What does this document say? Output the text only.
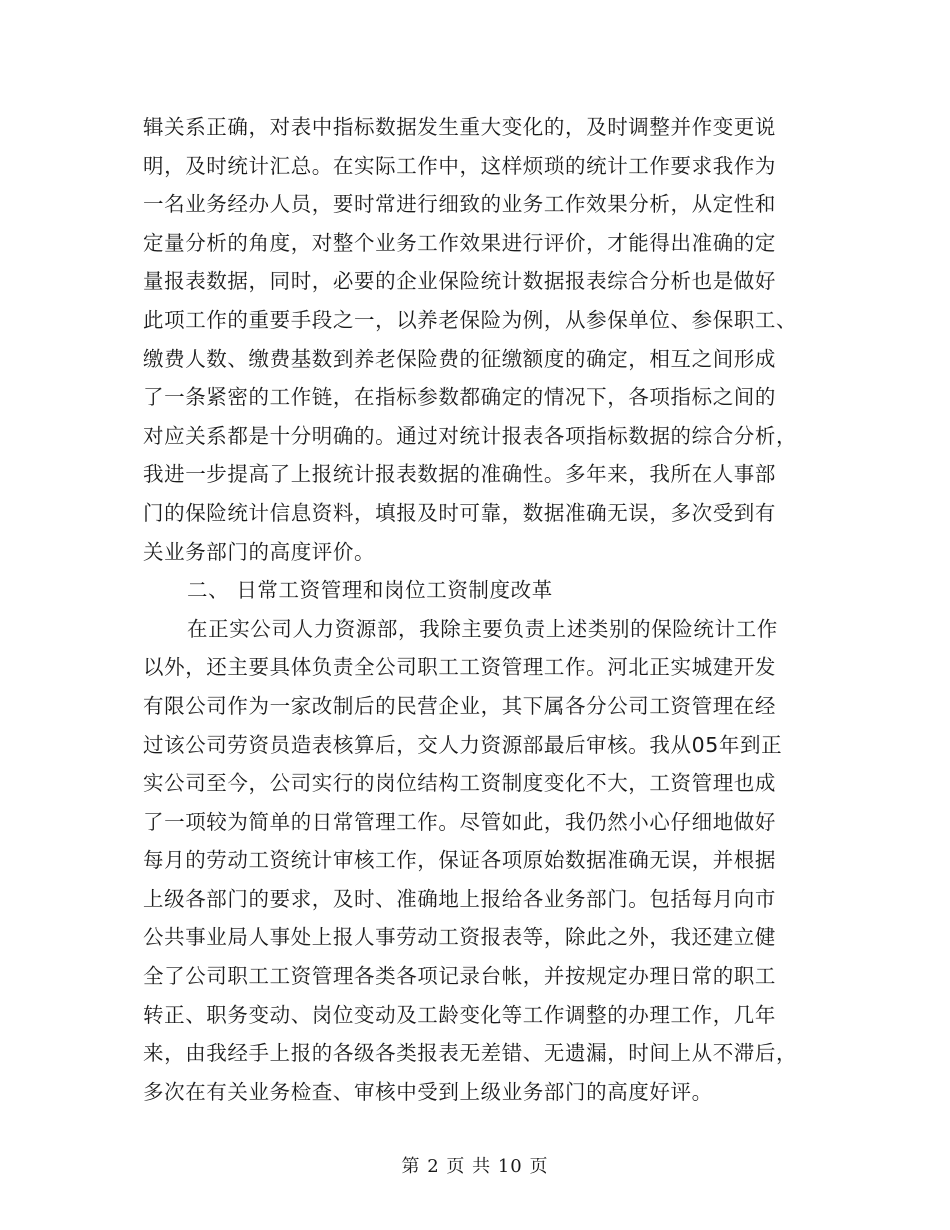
辑关系正确，对表中指标数据发生重大变化的，及时调整并作变更说
明，及时统计汇总。在实际工作中，这样烦琐的统计工作要求我作为
一名业务经办人员，要时常进行细致的业务工作效果分析，从定性和
定量分析的角度，对整个业务工作效果进行评价，才能得出准确的定
量报表数据，同时，必要的企业保险统计数据报表综合分析也是做好
此项工作的重要手段之一，以养老保险为例，从参保单位、参保职工、
缴费人数、缴费基数到养老保险费的征缴额度的确定，相互之间形成
了一条紧密的工作链，在指标参数都确定的情况下，各项指标之间的
对应关系都是十分明确的。通过对统计报表各项指标数据的综合分析，
我进一步提高了上报统计报表数据的准确性。多年来，我所在人事部
门的保险统计信息资料，填报及时可靠，数据准确无误，多次受到有
关业务部门的高度评价。
二、 日常工资管理和岗位工资制度改革
在正实公司人力资源部，我除主要负责上述类别的保险统计工作
以外，还主要具体负责全公司职工工资管理工作。河北正实城建开发
有限公司作为一家改制后的民营企业，其下属各分公司工资管理在经
过该公司劳资员造表核算后，交人力资源部最后审核。我从05年到正
实公司至今，公司实行的岗位结构工资制度变化不大，工资管理也成
了一项较为简单的日常管理工作。尽管如此，我仍然小心仔细地做好
每月的劳动工资统计审核工作，保证各项原始数据准确无误，并根据
上级各部门的要求，及时、准确地上报给各业务部门。包括每月向市
公共事业局人事处上报人事劳动工资报表等，除此之外，我还建立健
全了公司职工工资管理各类各项记录台帐，并按规定办理日常的职工
转正、职务变动、岗位变动及工龄变化等工作调整的办理工作，几年
来，由我经手上报的各级各类报表无差错、无遗漏，时间上从不滞后，
多次在有关业务检查、审核中受到上级业务部门的高度好评。
第 2 页 共 10 页
